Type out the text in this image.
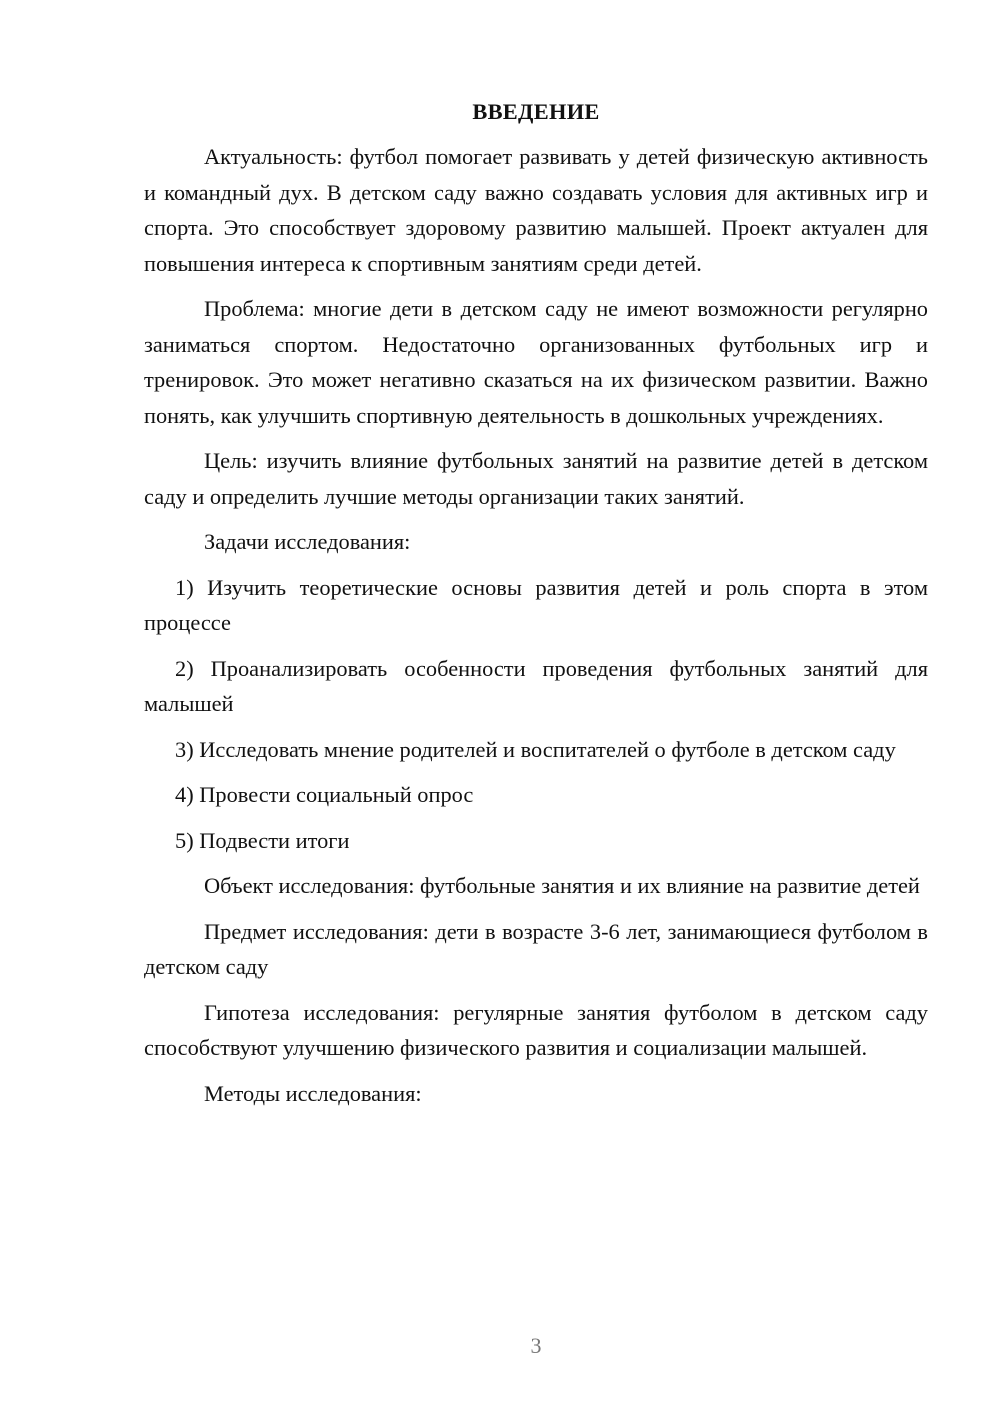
ВВЕДЕНИЕ

Актуальность: футбол помогает развивать у детей физическую активность и командный дух. В детском саду важно создавать условия для активных игр и спорта. Это способствует здоровому развитию малышей. Проект актуален для повышения интереса к спортивным занятиям среди детей.

Проблема: многие дети в детском саду не имеют возможности регулярно заниматься спортом. Недостаточно организованных футбольных игр и тренировок. Это может негативно сказаться на их физическом развитии. Важно понять, как улучшить спортивную деятельность в дошкольных учреждениях.

Цель: изучить влияние футбольных занятий на развитие детей в детском саду и определить лучшие методы организации таких занятий.

Задачи исследования:

1) Изучить теоретические основы развития детей и роль спорта в этом процессе

2) Проанализировать особенности проведения футбольных занятий для малышей

3) Исследовать мнение родителей и воспитателей о футболе в детском саду

4) Провести социальный опрос

5) Подвести итоги

Объект исследования: футбольные занятия и их влияние на развитие детей

Предмет исследования: дети в возрасте 3-6 лет, занимающиеся футболом в детском саду

Гипотеза исследования: регулярные занятия футболом в детском саду способствуют улучшению физического развития и социализации малышей.

Методы исследования:

3
